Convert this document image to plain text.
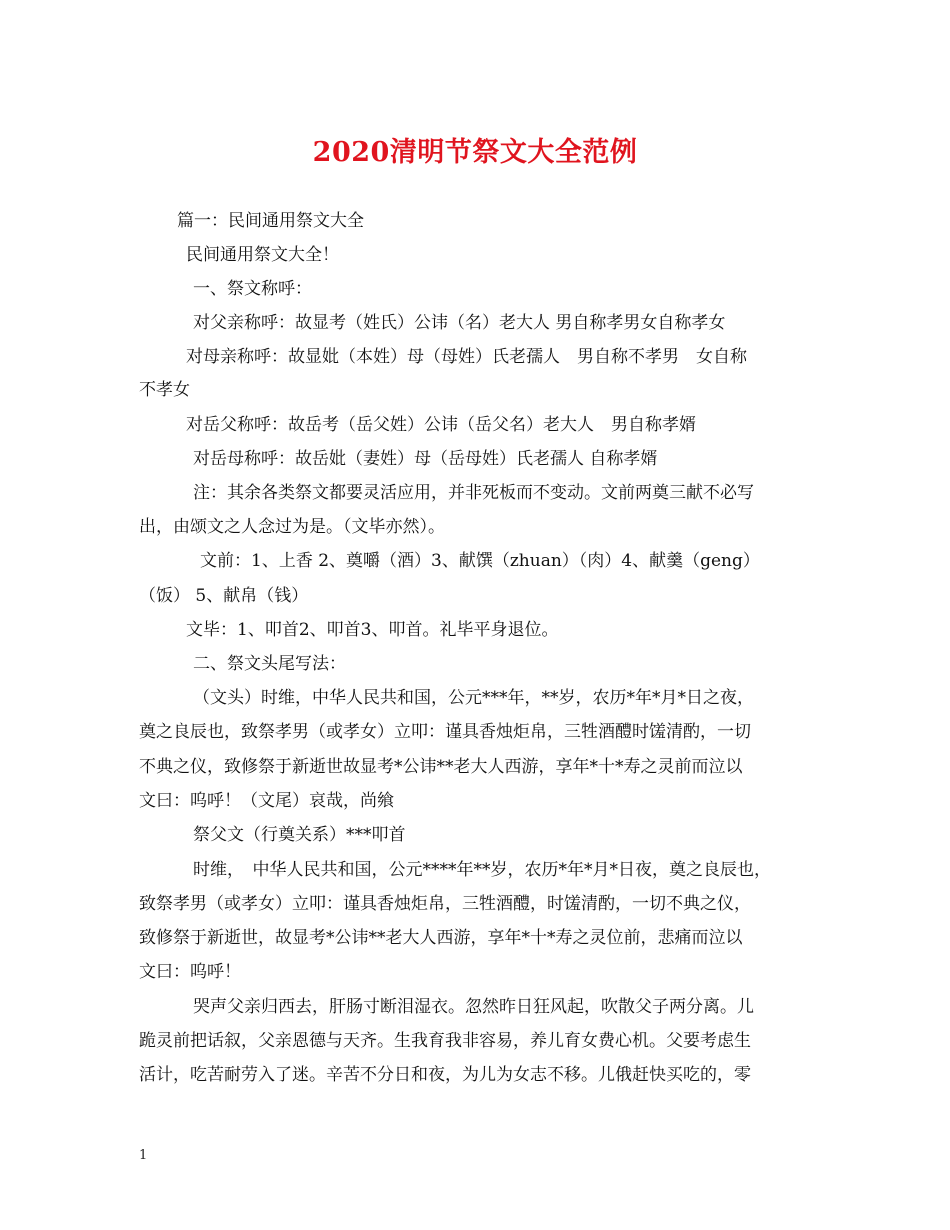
2020清明节祭文大全范例
篇一：民间通用祭文大全
民间通用祭文大全！
一、祭文称呼：
对父亲称呼：故显考（姓氏）公讳（名）老大人 男自称孝男女自称孝女
对母亲称呼：故显妣（本姓）母（母姓）氏老孺人　男自称不孝男　女自称
不孝女
对岳父称呼：故岳考（岳父姓）公讳（岳父名）老大人　男自称孝婿
对岳母称呼：故岳妣（妻姓）母（岳母姓）氏老孺人 自称孝婿
注：其余各类祭文都要灵活应用，并非死板而不变动。文前两奠三献不必写
出，由颂文之人念过为是。（文毕亦然）。
文前：1、上香 2、奠嚼（酒）3、献馔（zhuan）（肉）4、献羹（geng）
（饭） 5、献帛（钱）
文毕：1、叩首2、叩首3、叩首。礼毕平身退位。
二、祭文头尾写法：
（文头）时维，中华人民共和国，公元***年，**岁，农历*年*月*日之夜，
奠之良辰也，致祭孝男（或孝女）立叩：谨具香烛炬帛，三牲酒醴时馐清酌，一切
不典之仪，致修祭于新逝世故显考*公讳**老大人西游，享年*十*寿之灵前而泣以
文曰：呜呼！（文尾）哀哉，尚飨
祭父文（行奠关系）***叩首
时维，　中华人民共和国，公元****年**岁，农历*年*月*日夜，奠之良辰也，
致祭孝男（或孝女）立叩：谨具香烛炬帛，三牲酒醴，时馐清酌，一切不典之仪，
致修祭于新逝世，故显考*公讳**老大人西游，享年*十*寿之灵位前，悲痛而泣以
文曰：呜呼！
哭声父亲归西去，肝肠寸断泪湿衣。忽然昨日狂风起，吹散父子两分离。儿
跪灵前把话叙，父亲恩德与天齐。生我育我非容易，养儿育女费心机。父要考虑生
活计，吃苦耐劳入了迷。辛苦不分日和夜，为儿为女志不移。儿俄赶快买吃的，零
1
